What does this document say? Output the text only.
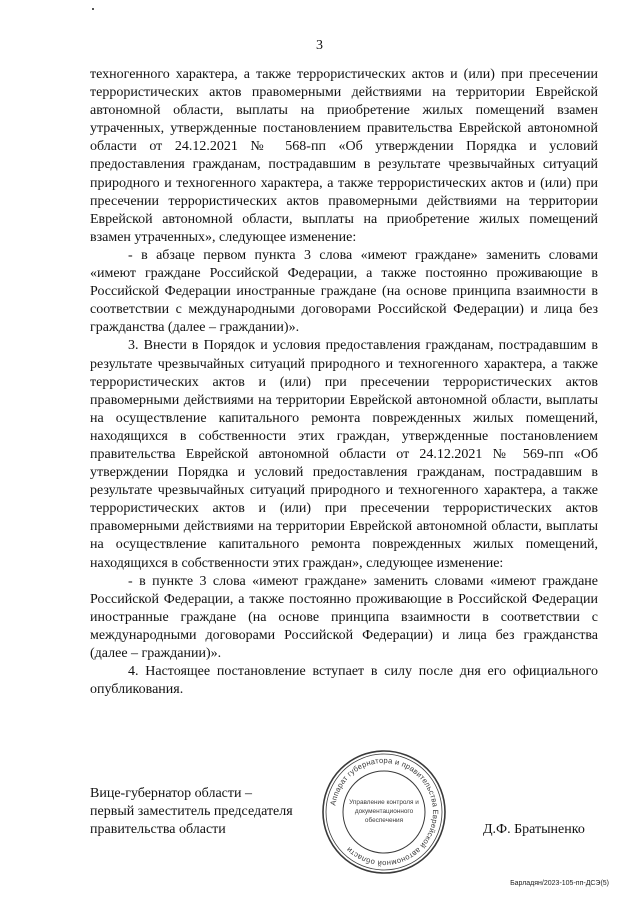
3

техногенного характера, а также террористических актов и (или) при пресечении террористических актов правомерными действиями на территории Еврейской автономной области, выплаты на приобретение жилых помещений взамен утраченных, утвержденные постановлением правительства Еврейской автономной области от 24.12.2021 № 568-пп «Об утверждении Порядка и условий предоставления гражданам, пострадавшим в результате чрезвычайных ситуаций природного и техногенного характера, а также террористических актов и (или) при пресечении террористических актов правомерными действиями на территории Еврейской автономной области, выплаты на приобретение жилых помещений взамен утраченных», следующее изменение:

- в абзаце первом пункта 3 слова «имеют граждане» заменить словами «имеют граждане Российской Федерации, а также постоянно проживающие в Российской Федерации иностранные граждане (на основе принципа взаимности в соответствии с международными договорами Российской Федерации) и лица без гражданства (далее – граждании)».

3. Внести в Порядок и условия предоставления гражданам, пострадавшим в результате чрезвычайных ситуаций природного и техногенного характера, а также террористических актов и (или) при пресечении террористических актов правомерными действиями на территории Еврейской автономной области, выплаты на осуществление капитального ремонта поврежденных жилых помещений, находящихся в собственности этих граждан, утвержденные постановлением правительства Еврейской автономной области от 24.12.2021 № 569-пп «Об утверждении Порядка и условий предоставления гражданам, пострадавшим в результате чрезвычайных ситуаций природного и техногенного характера, а также террористических актов и (или) при пресечении террористических актов правомерными действиями на территории Еврейской автономной области, выплаты на осуществление капитального ремонта поврежденных жилых помещений, находящихся в собственности этих граждан», следующее изменение:

- в пункте 3 слова «имеют граждане» заменить словами «имеют граждане Российской Федерации, а также постоянно проживающие в Российской Федерации иностранные граждане (на основе принципа взаимности в соответствии с международными договорами Российской Федерации) и лица без гражданства (далее – граждании)».

4. Настоящее постановление вступает в силу после дня его официального опубликования.

Вице-губернатор области –
первый заместитель председателя
правительства области
Аппарат губернатора и правительства Еврейской автономной области
Управление контроля и
документационного
обеспечения
Д.Ф. Братыненко
Барладян/2023-105-пп-ДСЭ(5)
